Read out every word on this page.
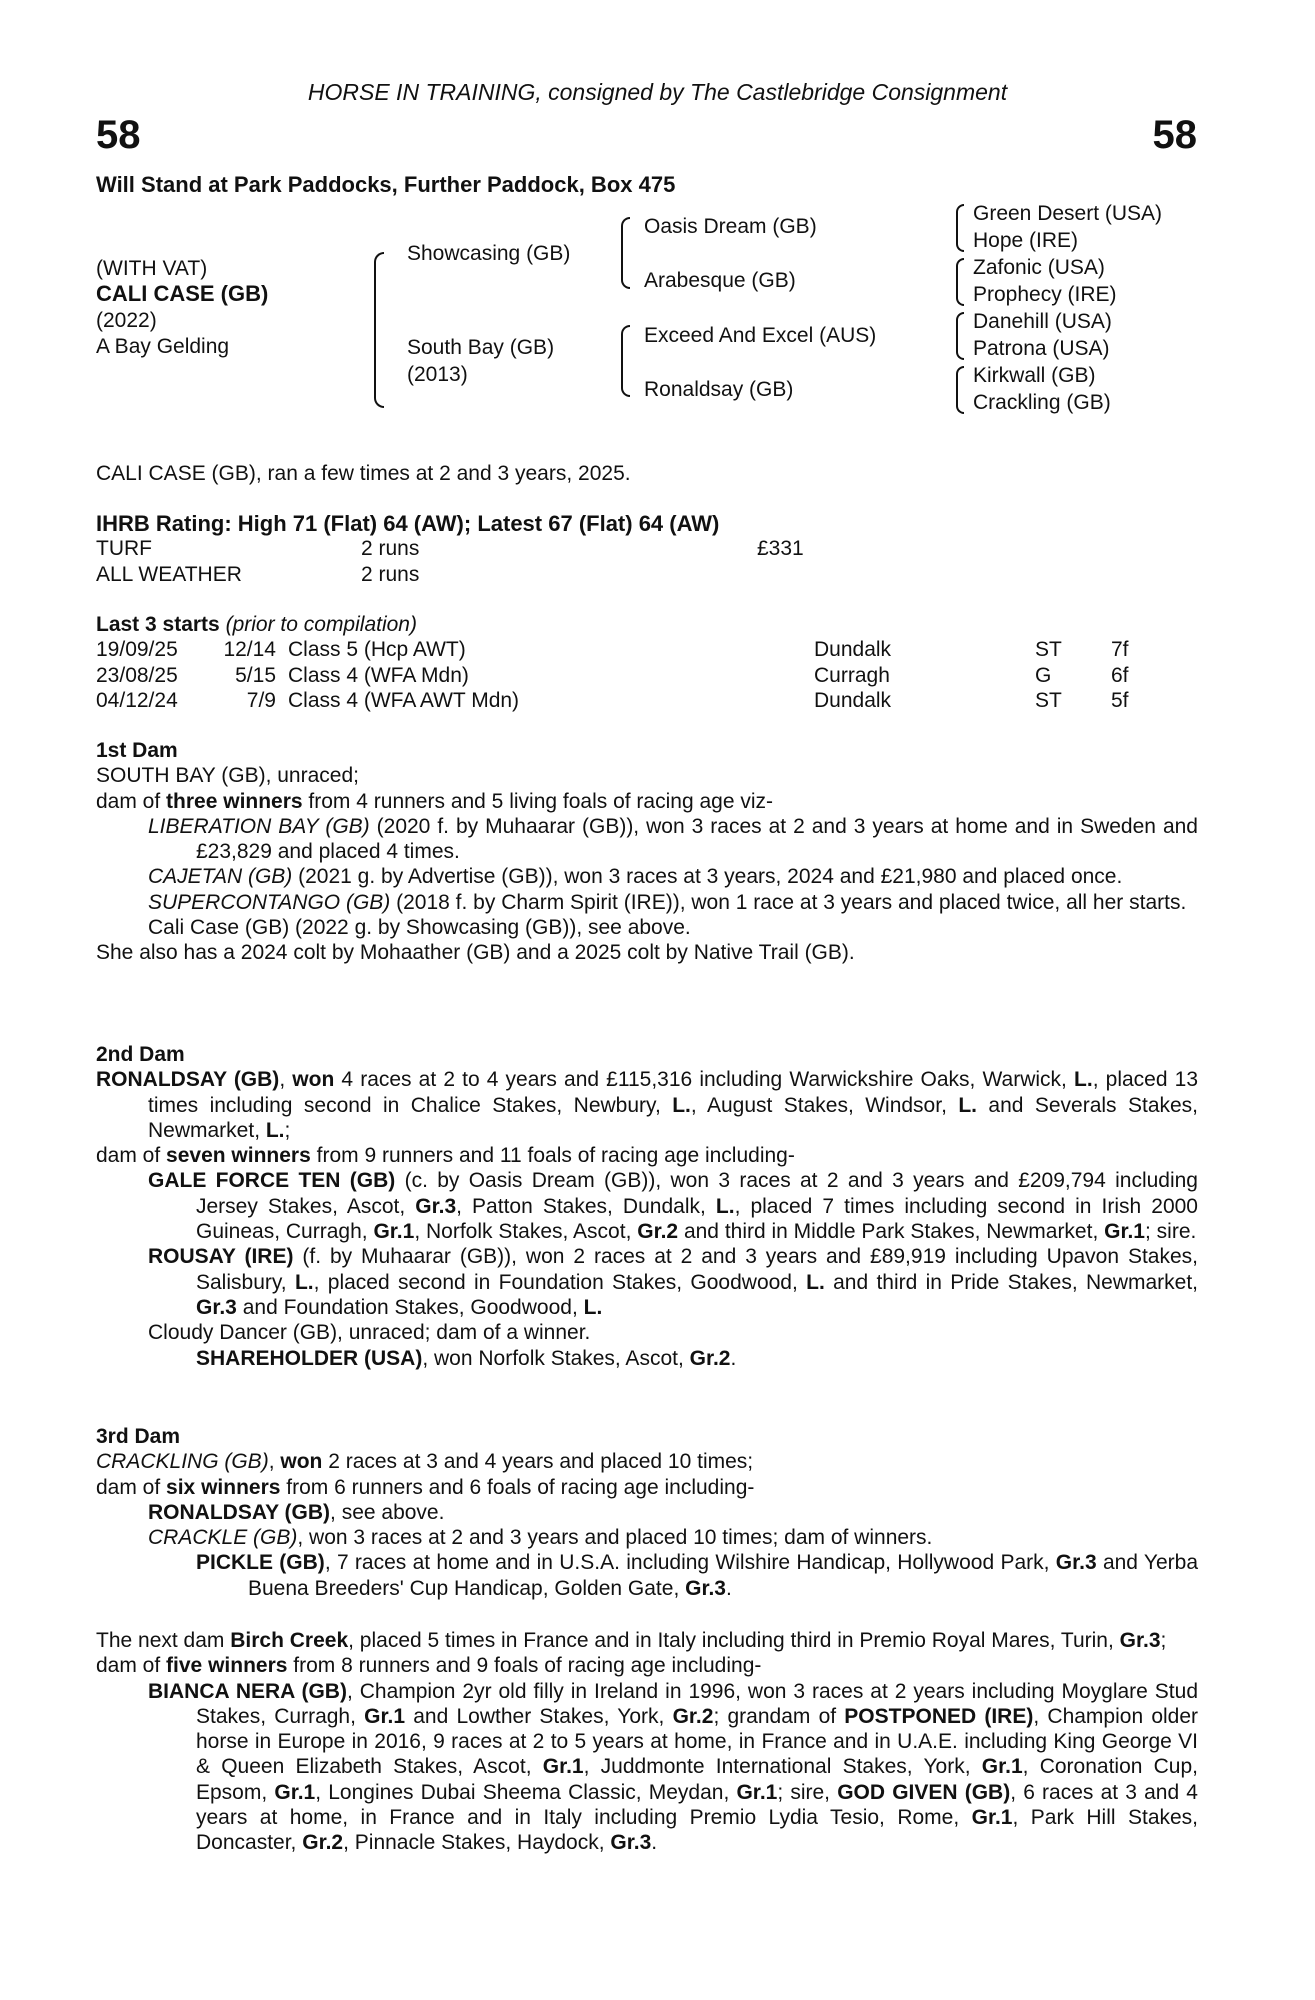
HORSE IN TRAINING, consigned by The Castlebridge Consignment
58	58
Will Stand at Park Paddocks, Further Paddock, Box 475
(WITH VAT)
CALI CASE (GB)
(2022)
A Bay Gelding
Showcasing (GB)
South Bay (GB)
(2013)
Oasis Dream (GB)
Arabesque (GB)
Exceed And Excel (AUS)
Ronaldsay (GB)
Green Desert (USA)
Hope (IRE)
Zafonic (USA)
Prophecy (IRE)
Danehill (USA)
Patrona (USA)
Kirkwall (GB)
Crackling (GB)
CALI CASE (GB), ran a few times at 2 and 3 years, 2025.
IHRB Rating: High 71 (Flat) 64 (AW); Latest 67 (Flat) 64 (AW)
TURF	2 runs	£331
ALL WEATHER	2 runs
Last 3 starts (prior to compilation)
19/09/25	12/14 Class 5 (Hcp AWT)	Dundalk	ST 7f
23/08/25	5/15 Class 4 (WFA Mdn)	Curragh	G	6f
04/12/24	7/9 Class 4 (WFA AWT Mdn)	Dundalk	ST 5f
1st Dam
SOUTH BAY (GB), unraced;
dam of three winners from 4 runners and 5 living foals of racing age viz-
LIBERATION BAY (GB) (2020 f. by Muhaarar (GB)), won 3 races at 2 and 3 years at home and in Sweden and £23,829 and placed 4 times.
CAJETAN (GB) (2021 g. by Advertise (GB)), won 3 races at 3 years, 2024 and £21,980 and placed once.
SUPERCONTANGO (GB) (2018 f. by Charm Spirit (IRE)), won 1 race at 3 years and placed twice, all her starts.
Cali Case (GB) (2022 g. by Showcasing (GB)), see above.
She also has a 2024 colt by Mohaather (GB) and a 2025 colt by Native Trail (GB).
2nd Dam
RONALDSAY (GB), won 4 races at 2 to 4 years and £115,316 including Warwickshire Oaks, Warwick, L., placed 13 times including second in Chalice Stakes, Newbury, L., August Stakes, Windsor, L. and Severals Stakes, Newmarket, L.;
dam of seven winners from 9 runners and 11 foals of racing age including-
GALE FORCE TEN (GB) (c. by Oasis Dream (GB)), won 3 races at 2 and 3 years and £209,794 including Jersey Stakes, Ascot, Gr.3, Patton Stakes, Dundalk, L., placed 7 times including second in Irish 2000 Guineas, Curragh, Gr.1, Norfolk Stakes, Ascot, Gr.2 and third in Middle Park Stakes, Newmarket, Gr.1; sire.
ROUSAY (IRE) (f. by Muhaarar (GB)), won 2 races at 2 and 3 years and £89,919 including Upavon Stakes, Salisbury, L., placed second in Foundation Stakes, Goodwood, L. and third in Pride Stakes, Newmarket, Gr.3 and Foundation Stakes, Goodwood, L.
Cloudy Dancer (GB), unraced; dam of a winner.
SHAREHOLDER (USA), won Norfolk Stakes, Ascot, Gr.2.
3rd Dam
CRACKLING (GB), won 2 races at 3 and 4 years and placed 10 times;
dam of six winners from 6 runners and 6 foals of racing age including-
RONALDSAY (GB), see above.
CRACKLE (GB), won 3 races at 2 and 3 years and placed 10 times; dam of winners.
PICKLE (GB), 7 races at home and in U.S.A. including Wilshire Handicap, Hollywood Park, Gr.3 and Yerba Buena Breeders' Cup Handicap, Golden Gate, Gr.3.
The next dam Birch Creek, placed 5 times in France and in Italy including third in Premio Royal Mares, Turin, Gr.3;
dam of five winners from 8 runners and 9 foals of racing age including-
BIANCA NERA (GB), Champion 2yr old filly in Ireland in 1996, won 3 races at 2 years including Moyglare Stud Stakes, Curragh, Gr.1 and Lowther Stakes, York, Gr.2; grandam of POSTPONED (IRE), Champion older horse in Europe in 2016, 9 races at 2 to 5 years at home, in France and in U.A.E. including King George VI & Queen Elizabeth Stakes, Ascot, Gr.1, Juddmonte International Stakes, York, Gr.1, Coronation Cup, Epsom, Gr.1, Longines Dubai Sheema Classic, Meydan, Gr.1; sire, GOD GIVEN (GB), 6 races at 3 and 4 years at home, in France and in Italy including Premio Lydia Tesio, Rome, Gr.1, Park Hill Stakes, Doncaster, Gr.2, Pinnacle Stakes, Haydock, Gr.3.
